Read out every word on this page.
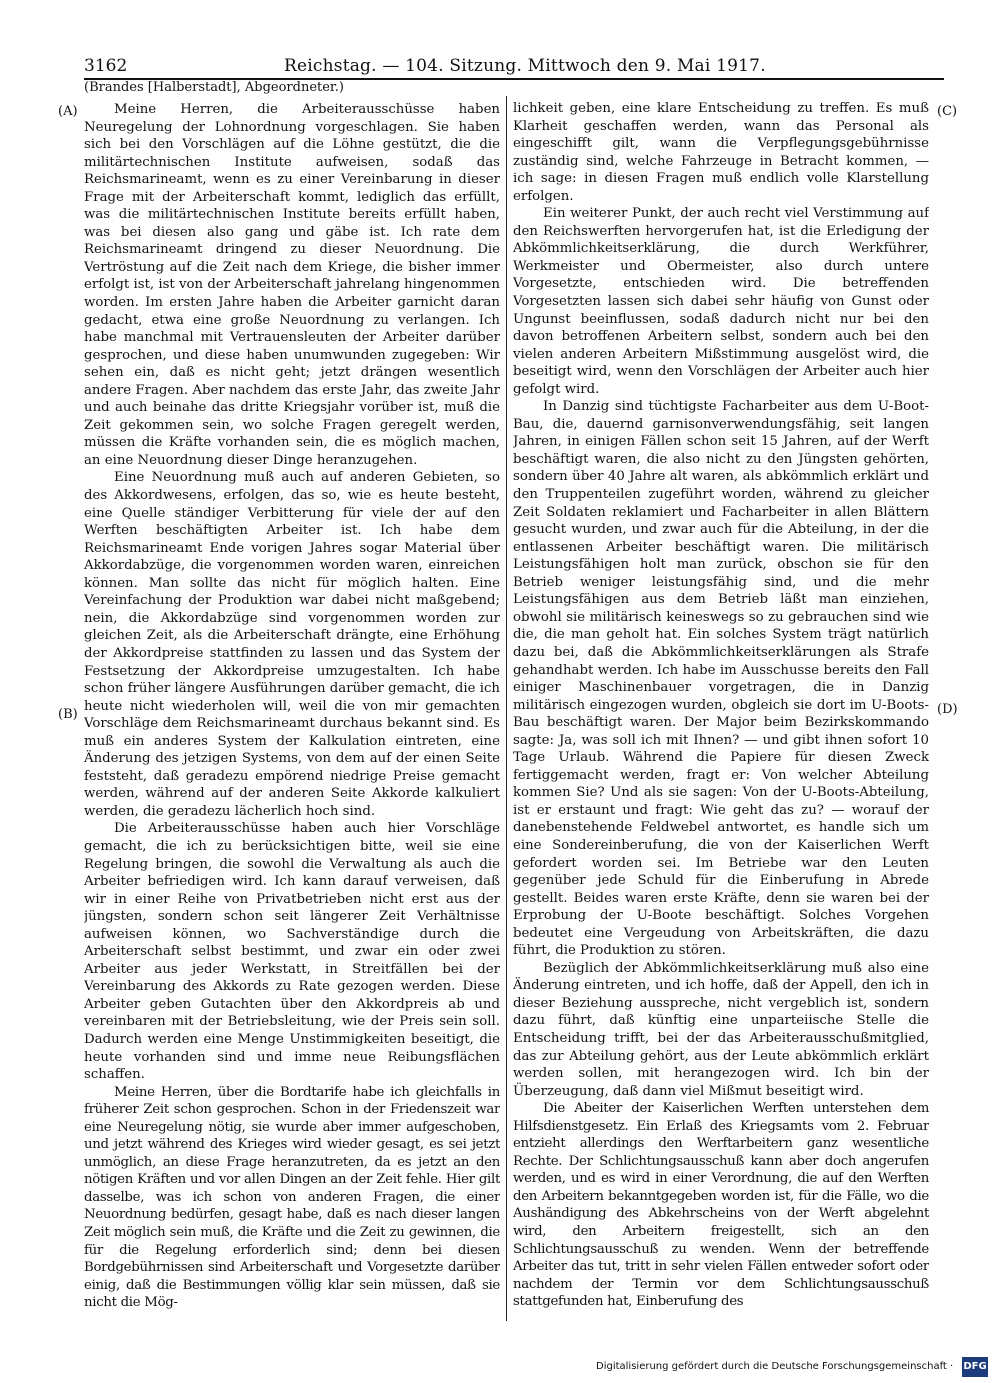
3162	Reichstag. — 104. Sitzung. Mittwoch den 9. Mai 1917.
(Brandes [Halberstadt], Abgeordneter.)
(A)
(B)
(C)
(D)

Meine Herren, die Arbeiterausschüsse haben Neuregelung der Lohnordnung vorgeschlagen. Sie haben sich bei den Vorschlägen auf die Löhne gestützt, die die militärtechnischen Institute aufweisen, sodaß das Reichsmarineamt, wenn es zu einer Vereinbarung in dieser Frage mit der Arbeiterschaft kommt, lediglich das erfüllt, was die militärtechnischen Institute bereits erfüllt haben, was bei diesen also gang und gäbe ist. Ich rate dem Reichsmarineamt dringend zu dieser Neuordnung. Die Vertröstung auf die Zeit nach dem Kriege, die bisher immer erfolgt ist, ist von der Arbeiterschaft jahrelang hingenommen worden. Im ersten Jahre haben die Arbeiter garnicht daran gedacht, etwa eine große Neuordnung zu verlangen. Ich habe manchmal mit Vertrauensleuten der Arbeiter darüber gesprochen, und diese haben unumwunden zugegeben: Wir sehen ein, daß es nicht geht; jetzt drängen wesentlich andere Fragen. Aber nachdem das erste Jahr, das zweite Jahr und auch beinahe das dritte Kriegsjahr vorüber ist, muß die Zeit gekommen sein, wo solche Fragen geregelt werden, müssen die Kräfte vorhanden sein, die es möglich machen, an eine Neuordnung dieser Dinge heranzugehen.

Eine Neuordnung muß auch auf anderen Gebieten, so des Akkordwesens, erfolgen, das so, wie es heute besteht, eine Quelle ständiger Verbitterung für viele der auf den Werften beschäftigten Arbeiter ist. Ich habe dem Reichsmarineamt Ende vorigen Jahres sogar Material über Akkordabzüge, die vorgenommen worden waren, einreichen können. Man sollte das nicht für möglich halten. Eine Vereinfachung der Produktion war dabei nicht maßgebend; nein, die Akkordabzüge sind vorgenommen worden zur gleichen Zeit, als die Arbeiterschaft drängte, eine Erhöhung der Akkordpreise stattfinden zu lassen und das System der Festsetzung der Akkordpreise umzugestalten. Ich habe schon früher längere Ausführungen darüber gemacht, die ich heute nicht wiederholen will, weil die von mir gemachten Vorschläge dem Reichsmarineamt durchaus bekannt sind. Es muß ein anderes System der Kalkulation eintreten, eine Änderung des jetzigen Systems, von dem auf der einen Seite feststeht, daß geradezu empörend niedrige Preise gemacht werden, während auf der anderen Seite Akkorde kalkuliert werden, die geradezu lächerlich hoch sind.

Die Arbeiterausschüsse haben auch hier Vorschläge gemacht, die ich zu berücksichtigen bitte, weil sie eine Regelung bringen, die sowohl die Verwaltung als auch die Arbeiter befriedigen wird. Ich kann darauf verweisen, daß wir in einer Reihe von Privatbetrieben nicht erst aus der jüngsten, sondern schon seit längerer Zeit Verhältnisse aufweisen können, wo Sachverständige durch die Arbeiterschaft selbst bestimmt, und zwar ein oder zwei Arbeiter aus jeder Werkstatt, in Streitfällen bei der Vereinbarung des Akkords zu Rate gezogen werden. Diese Arbeiter geben Gutachten über den Akkordpreis ab und vereinbaren mit der Betriebsleitung, wie der Preis sein soll. Dadurch werden eine Menge Unstimmigkeiten beseitigt, die heute vorhanden sind und imme neue Reibungsflächen schaffen.

Meine Herren, über die Bordtarife habe ich gleichfalls in früherer Zeit schon gesprochen. Schon in der Friedenszeit war eine Neuregelung nötig, sie wurde aber immer aufgeschoben, und jetzt während des Krieges wird wieder gesagt, es sei jetzt unmöglich, an diese Frage heranzutreten, da es jetzt an den nötigen Kräften und vor allen Dingen an der Zeit fehle. Hier gilt dasselbe, was ich schon von anderen Fragen, die einer Neuordnung bedürfen, gesagt habe, daß es nach dieser langen Zeit möglich sein muß, die Kräfte und die Zeit zu gewinnen, die für die Regelung erforderlich sind; denn bei diesen Bordgebührnissen sind Arbeiterschaft und Vorgesetzte darüber einig, daß die Bestimmungen völlig klar sein müssen, daß sie nicht die Mög-

lichkeit geben, eine klare Entscheidung zu treffen. Es muß Klarheit geschaffen werden, wann das Personal als eingeschifft gilt, wann die Verpflegungsgebührnisse zuständig sind, welche Fahrzeuge in Betracht kommen, — ich sage: in diesen Fragen muß endlich volle Klarstellung erfolgen.

Ein weiterer Punkt, der auch recht viel Verstimmung auf den Reichswerften hervorgerufen hat, ist die Erledigung der Abkömmlichkeitserklärung, die durch Werkführer, Werkmeister und Obermeister, also durch untere Vorgesetzte, entschieden wird. Die betreffenden Vorgesetzten lassen sich dabei sehr häufig von Gunst oder Ungunst beeinflussen, sodaß dadurch nicht nur bei den davon betroffenen Arbeitern selbst, sondern auch bei den vielen anderen Arbeitern Mißstimmung ausgelöst wird, die beseitigt wird, wenn den Vorschlägen der Arbeiter auch hier gefolgt wird.

In Danzig sind tüchtigste Facharbeiter aus dem U-Boot-Bau, die, dauernd garnisonverwendungsfähig, seit langen Jahren, in einigen Fällen schon seit 15 Jahren, auf der Werft beschäftigt waren, die also nicht zu den Jüngsten gehörten, sondern über 40 Jahre alt waren, als abkömmlich erklärt und den Truppenteilen zugeführt worden, während zu gleicher Zeit Soldaten reklamiert und Facharbeiter in allen Blättern gesucht wurden, und zwar auch für die Abteilung, in der die entlassenen Arbeiter beschäftigt waren. Die militärisch Leistungsfähigen holt man zurück, obschon sie für den Betrieb weniger leistungsfähig sind, und die mehr Leistungsfähigen aus dem Betrieb läßt man einziehen, obwohl sie militärisch keineswegs so zu gebrauchen sind wie die, die man geholt hat. Ein solches System trägt natürlich dazu bei, daß die Abkömmlichkeitserklärungen als Strafe gehandhabt werden. Ich habe im Ausschusse bereits den Fall einiger Maschinenbauer vorgetragen, die in Danzig militärisch eingezogen wurden, obgleich sie dort im U-Boots-Bau beschäftigt waren. Der Major beim Bezirkskommando sagte: Ja, was soll ich mit Ihnen? — und gibt ihnen sofort 10 Tage Urlaub. Während die Papiere für diesen Zweck fertiggemacht werden, fragt er: Von welcher Abteilung kommen Sie? Und als sie sagen: Von der U-Boots-Abteilung, ist er erstaunt und fragt: Wie geht das zu? — worauf der danebenstehende Feldwebel antwortet, es handle sich um eine Sondereinberufung, die von der Kaiserlichen Werft gefordert worden sei. Im Betriebe war den Leuten gegenüber jede Schuld für die Einberufung in Abrede gestellt. Beides waren erste Kräfte, denn sie waren bei der Erprobung der U-Boote beschäftigt. Solches Vorgehen bedeutet eine Vergeudung von Arbeitskräften, die dazu führt, die Produktion zu stören.

Bezüglich der Abkömmlichkeitserklärung muß also eine Änderung eintreten, und ich hoffe, daß der Appell, den ich in dieser Beziehung ausspreche, nicht vergeblich ist, sondern dazu führt, daß künftig eine unparteiische Stelle die Entscheidung trifft, bei der das Arbeiterausschußmitglied, das zur Abteilung gehört, aus der Leute abkömmlich erklärt werden sollen, mit herangezogen wird. Ich bin der Überzeugung, daß dann viel Mißmut beseitigt wird.

Die Abeiter der Kaiserlichen Werften unterstehen dem Hilfsdienstgesetz. Ein Erlaß des Kriegsamts vom 2. Februar entzieht allerdings den Werftarbeitern ganz wesentliche Rechte. Der Schlichtungsausschuß kann aber doch angerufen werden, und es wird in einer Verordnung, die auf den Werften den Arbeitern bekanntgegeben worden ist, für die Fälle, wo die Aushändigung des Abkehrscheins von der Werft abgelehnt wird, den Arbeitern freigestellt, sich an den Schlichtungsausschuß zu wenden. Wenn der betreffende Arbeiter das tut, tritt in sehr vielen Fällen entweder sofort oder nachdem der Termin vor dem Schlichtungsausschuß stattgefunden hat, Einberufung des

Digitalisierung gefördert durch die Deutsche Forschungsgemeinschaft · DFG
